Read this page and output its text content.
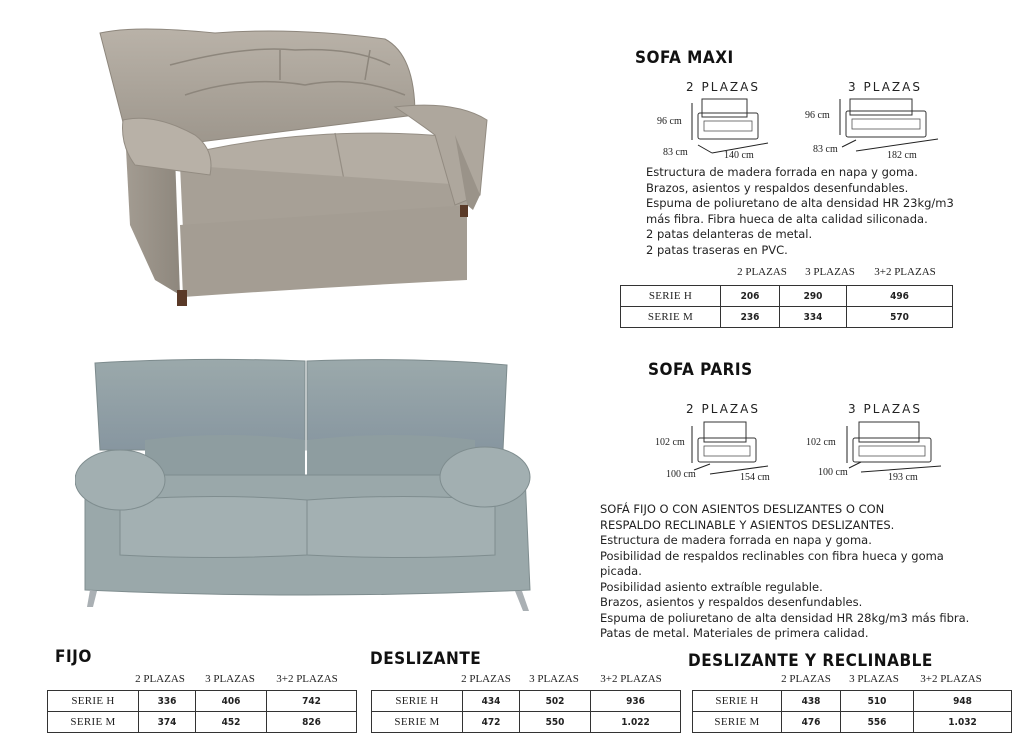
SOFA MAXI
2 PLAZAS	3 PLAZAS
96 cm
83 cm	140 cm
96 cm
83 cm
182 cm
Estructura de madera forrada en napa y goma.
Brazos, asientos y respaldos desenfundables.
Espuma de poliuretano de alta densidad HR 23kg/m3
más fibra. Fibra hueca de alta calidad siliconada.
2 patas delanteras de metal.
2 patas traseras en PVC.
2 PLAZAS	3 PLAZAS	3+2 PLAZAS
SERIE H	206	290	496
SERIE M	236	334	570
SOFA PARIS
2 PLAZAS	3 PLAZAS
102 cm
100 cm	154 cm
102 cm
100 cm	193 cm
SOFÁ FIJO O CON ASIENTOS DESLIZANTES O CON
RESPALDO RECLINABLE Y ASIENTOS DESLIZANTES.
Estructura de madera forrada en napa y goma.
Posibilidad de respaldos reclinables con fibra hueca y goma
picada.
Posibilidad asiento extraíble regulable.
Brazos, asientos y respaldos desenfundables.
Espuma de poliuretano de alta densidad HR 28kg/m3 más fibra.
Patas de metal. Materiales de primera calidad.
FIJO
2 PLAZAS	3 PLAZAS	3+2 PLAZAS
SERIE H	336	406	742
SERIE M	374	452	826
DESLIZANTE
2 PLAZAS	3 PLAZAS	3+2 PLAZAS
SERIE H	434	502	936
SERIE M	472	550	1.022
DESLIZANTE Y RECLINABLE
2 PLAZAS	3 PLAZAS	3+2 PLAZAS
SERIE H	438	510	948
SERIE M	476	556	1.032
